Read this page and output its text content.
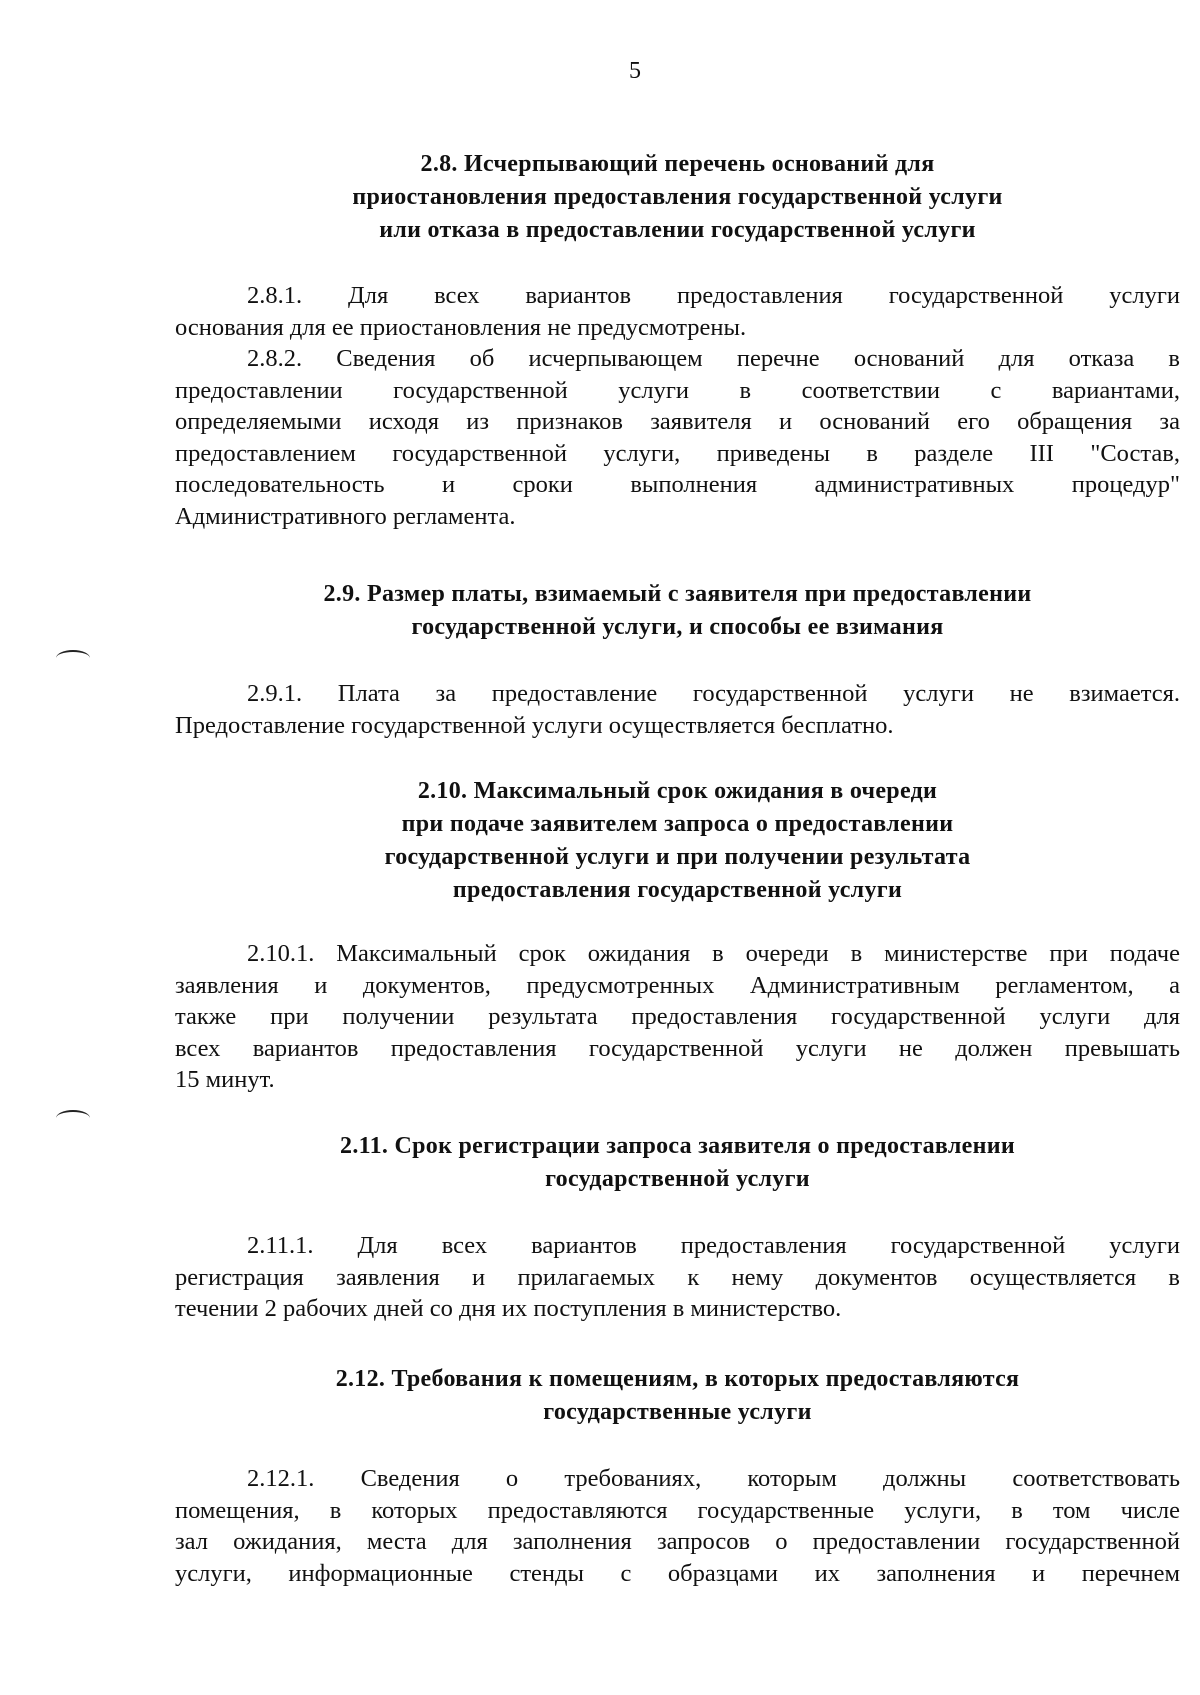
5
2.8. Исчерпывающий перечень оснований для
приостановления предоставления государственной услуги
или отказа в предоставлении государственной услуги
2.8.1. Для всех вариантов предоставления государственной услуги
основания для ее приостановления не предусмотрены.
2.8.2. Сведения об исчерпывающем перечне оснований для отказа в
предоставлении государственной услуги в соответствии с вариантами,
определяемыми исходя из признаков заявителя и оснований его обращения за
предоставлением государственной услуги, приведены в разделе III "Состав,
последовательность и сроки выполнения административных процедур"
Административного регламента.
2.9. Размер платы, взимаемый с заявителя при предоставлении
государственной услуги, и способы ее взимания
2.9.1. Плата за предоставление государственной услуги не взимается.
Предоставление государственной услуги осуществляется бесплатно.
2.10. Максимальный срок ожидания в очереди
при подаче заявителем запроса о предоставлении
государственной услуги и при получении результата
предоставления государственной услуги
2.10.1. Максимальный срок ожидания в очереди в министерстве при подаче
заявления и документов, предусмотренных Административным регламентом, а
также при получении результата предоставления государственной услуги для
всех вариантов предоставления государственной услуги не должен превышать
15 минут.
2.11. Срок регистрации запроса заявителя о предоставлении
государственной услуги
2.11.1. Для всех вариантов предоставления государственной услуги
регистрация заявления и прилагаемых к нему документов осуществляется в
течении 2 рабочих дней со дня их поступления в министерство.
2.12. Требования к помещениям, в которых предоставляются
государственные услуги
2.12.1. Сведения о требованиях, которым должны соответствовать
помещения, в которых предоставляются государственные услуги, в том числе
зал ожидания, места для заполнения запросов о предоставлении государственной
услуги, информационные стенды с образцами их заполнения и перечнем
